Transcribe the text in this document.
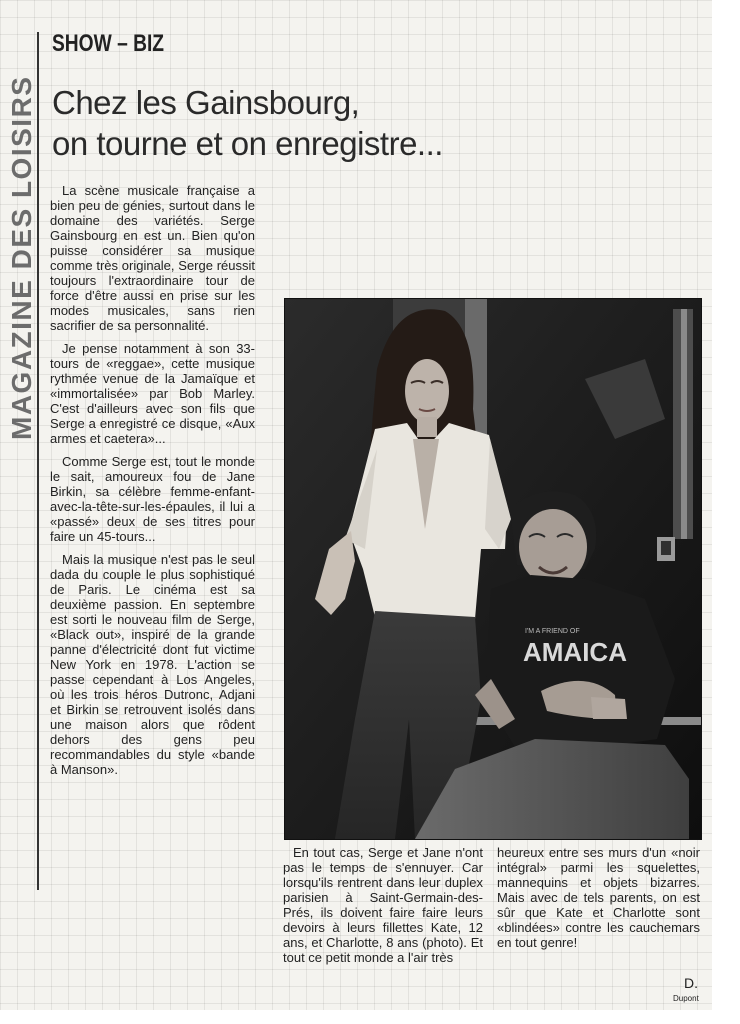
MAGAZINE DES LOISIRS
SHOW – BIZ
Chez les Gainsbourg,
on tourne et on enregistre...

La scène musicale française a bien peu de génies, surtout dans le domaine des variétés. Serge Gainsbourg en est un. Bien qu'on puisse considérer sa musique comme très originale, Serge réussit toujours l'extraordinaire tour de force d'être aussi en prise sur les modes musicales, sans rien sacrifier de sa personnalité.

Je pense notamment à son 33-tours de «reggae», cette musique rythmée venue de la Jamaïque et «immortalisée» par Bob Marley. C'est d'ailleurs avec son fils que Serge a enregistré ce disque, «Aux armes et caetera»...

Comme Serge est, tout le monde le sait, amoureux fou de Jane Birkin, sa célèbre femme-enfant-avec-la-tête-sur-les-épaules, il lui a «passé» deux de ses titres pour faire un 45-tours...

Mais la musique n'est pas le seul dada du couple le plus sophistiqué de Paris. Le cinéma est sa deuxième passion. En septembre est sorti le nouveau film de Serge, «Black out», inspiré de la grande panne d'électricité dont fut victime New York en 1978. L'action se passe cependant à Los Angeles, où les trois héros Dutronc, Adjani et Birkin se retrouvent isolés dans une maison alors que rôdent dehors des gens peu recommandables du style «bande à Manson».

AMAICA
I'M A FRIEND OF
En tout cas, Serge et Jane n'ont pas le temps de s'ennuyer. Car lorsqu'ils rentrent dans leur duplex parisien à Saint-Germain-des-Prés, ils doivent faire faire leurs devoirs à leurs fillettes Kate, 12 ans, et Charlotte, 8 ans (photo). Et tout ce petit monde a l'air très
heureux entre ses murs d'un «noir intégral» parmi les squelettes, mannequins et objets bizarres. Mais avec de tels parents, on est sûr que Kate et Charlotte sont «blindées» contre les cauchemars en tout genre!
D.
Dupont
